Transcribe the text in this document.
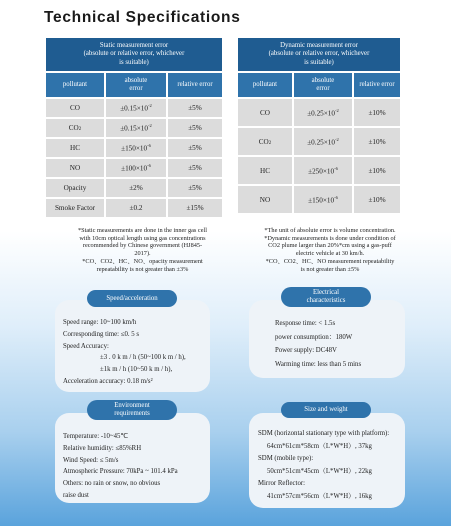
Technical Specifications
Static measurement error
(absolute or relative error, whichever
is suitable)		

pollutant	absolute error	relative error

CO	$\pm 0.15\times 10^{-2}$	±5%
CO2	$\pm 0.15\times 10^{-2}$	±5%
HC	$\pm 150\times 10^{-6}$	±5%
NO	$\pm 100\times 10^{-6}$	±5%
Opacity	±2%	±5%
Smoke Factor	±0.2	±15%
Dynamic measurement error
(absolute or relative error, whichever
is suitable)		

pollutant	absolute error	relative error

CO	$\pm 0.25\times 10^{-2}$	±10%
CO2	$\pm 0.25\times 10^{-2}$	±10%
HC	$\pm 250\times 10^{-6}$	±10%
NO	$\pm 150\times 10^{-6}$	±10%
*Static measurements are done in the inner gas cell
with 10cm optical length using gas concentrations
recommended by Chinese government (HJ845-
2017).
*CO、CO2、HC、NO、opacity measurement
repeatability is not greater than ±3%
*The unit of absolute error is volume concentration.
*Dynamic measurements is done under condition of
CO2 plume larger than 20%*cm using a gas-puff
electric vehicle at 30 km/h.
*CO、CO2、HC、NO measurement repeatability
is not greater than ±5%
Speed/acceleration
Speed range: 10~100 km/h
Corresponding time: ≤0. 5 s
Speed Accuracy:
±3 . 0 k m / h (50~100 k m / h),
±1k m / h (10~50 k m / h),
Acceleration accuracy: 0.18 m/s²
Electrical
characteristics
Response time: < 1.5s
power consumption：180W
Power supply: DC48V
Warming time: less than 5 mins
Environment
requirements
Temperature: -10~45℃
Relative humidity: ≤85%RH
Wind Speed: ≤ 5m/s
Atmospheric Pressure: 70kPa ~ 101.4 kPa
Others: no rain or snow, no obvious
raise dust
Size and weight
SDM (horizontal stationary type with platform):
64cm*61cm*58cm（L*W*H）, 37kg
SDM (mobile type):
50cm*51cm*45cm（L*W*H）, 22kg
Mirror Reflector:
41cm*57cm*56cm（L*W*H）, 16kg
